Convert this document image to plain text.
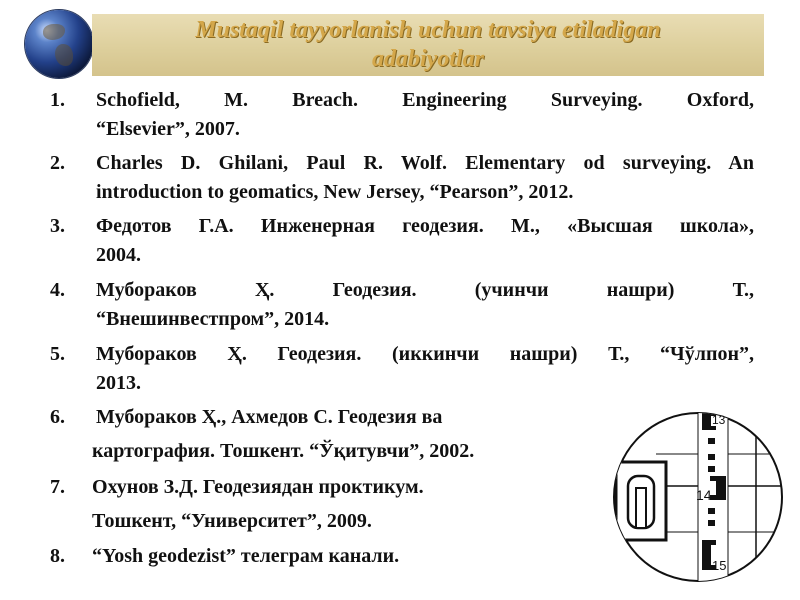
Mustaqil tayyorlanish uchun tavsiya etiladigan
adabiyotlar
1. Schofield, M. Breach. Engineering Surveying. Oxford,
“Elsevier”, 2007.
2. Charles D. Ghilani, Paul R. Wolf. Elementary od surveying. An
introduction to geomatics, New Jersey, “Pearson”, 2012.
3. Федотов Г.А. Инженерная геодезия. М., «Высшая школа»,
2004.
4. Мубораков Ҳ. Геодезия. (учинчи нашри) Т.,
“Внешинвестпром”, 2014.
5. Мубораков Ҳ. Геодезия. (иккинчи нашри) Т., “Чўлпон”,
2013.
6. Мубораков Ҳ., Ахмедов С. Геодезия ва
картография. Тошкент. “Ўқитувчи”, 2002.
7. Охунов З.Д. Геодезиядан проктикум.
Тошкент, “Университет”, 2009.
8. “Yosh geodezist” телеграм канали.
13
14
15
